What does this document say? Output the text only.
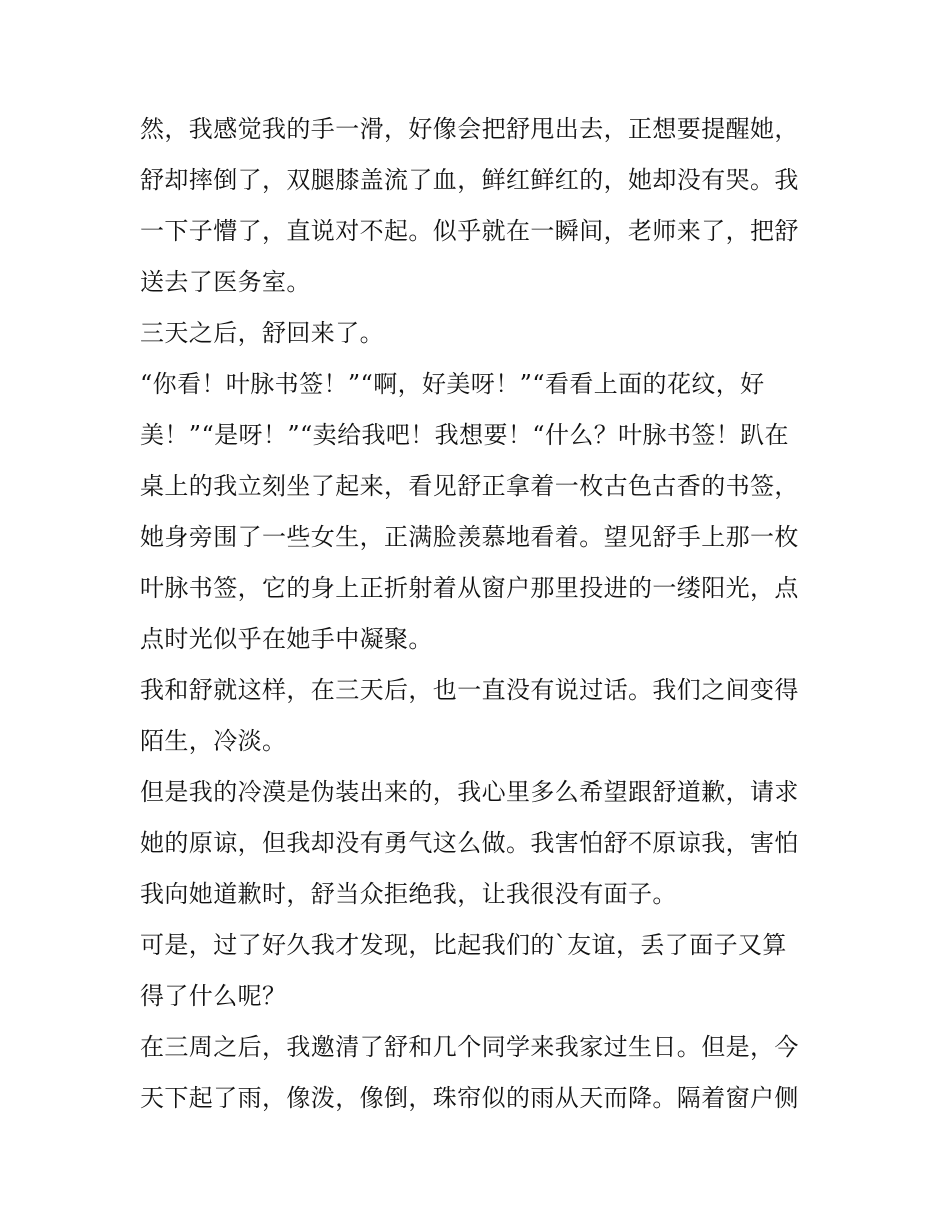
然，我感觉我的手一滑，好像会把舒甩出去，正想要提醒她，
舒却摔倒了，双腿膝盖流了血，鲜红鲜红的，她却没有哭。我
一下子懵了，直说对不起。似乎就在一瞬间，老师来了，把舒
送去了医务室。
三天之后，舒回来了。
“你看！叶脉书签！”“啊，好美呀！”“看看上面的花纹，好
美！”“是呀！”“卖给我吧！我想要！“什么？叶脉书签！趴在
桌上的我立刻坐了起来，看见舒正拿着一枚古色古香的书签，
她身旁围了一些女生，正满脸羡慕地看着。望见舒手上那一枚
叶脉书签，它的身上正折射着从窗户那里投进的一缕阳光，点
点时光似乎在她手中凝聚。
我和舒就这样，在三天后，也一直没有说过话。我们之间变得
陌生，冷淡。
但是我的冷漠是伪装出来的，我心里多么希望跟舒道歉，请求
她的原谅，但我却没有勇气这么做。我害怕舒不原谅我，害怕
我向她道歉时，舒当众拒绝我，让我很没有面子。
可是，过了好久我才发现，比起我们的`友谊，丢了面子又算
得了什么呢？
在三周之后，我邀清了舒和几个同学来我家过生日。但是，今
天下起了雨，像泼，像倒，珠帘似的雨从天而降。隔着窗户侧
